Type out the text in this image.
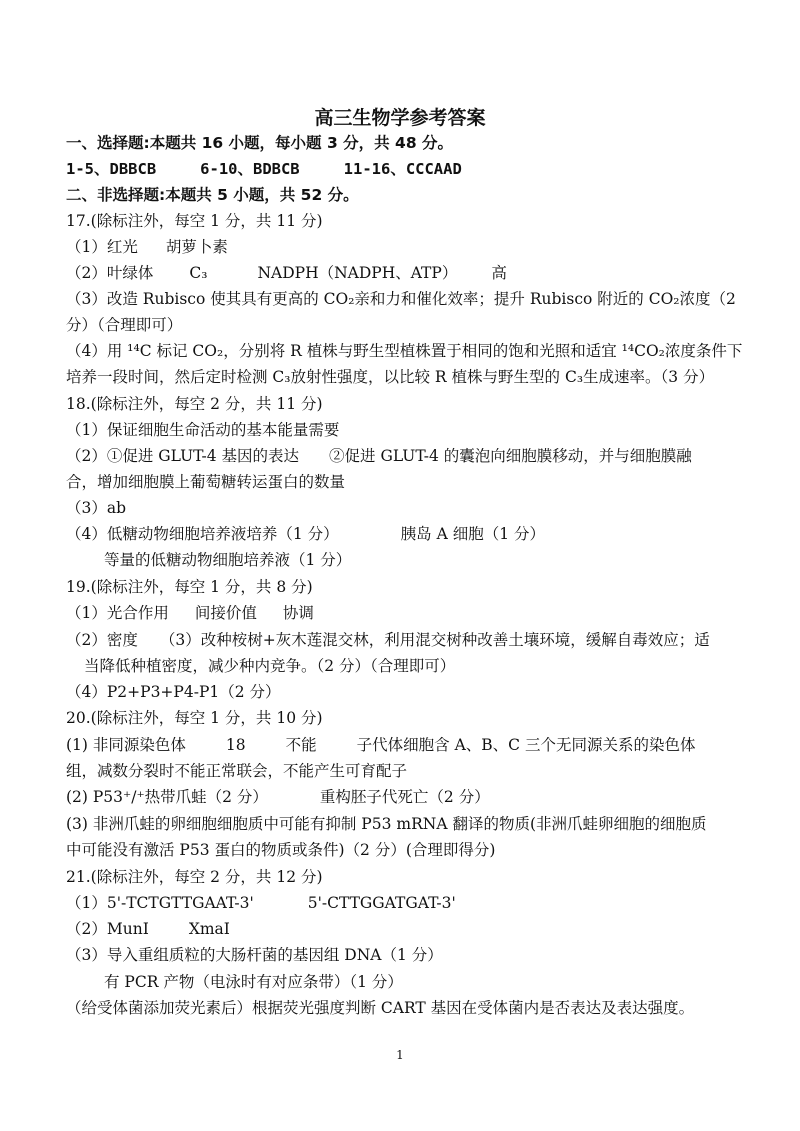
高三生物学参考答案
一、选择题:本题共 16 小题，每小题 3 分，共 48 分。
1-5、DBBCB	6-10、BDBCB	11-16、CCCAAD
二、非选择题:本题共 5 小题，共 52 分。
17.(除标注外，每空 1 分，共 11 分)
（1）红光 胡萝卜素
（2）叶绿体 C₃	NADPH（NADPH、ATP） 高
（3）改造 Rubisco 使其具有更高的 CO₂亲和力和催化效率；提升 Rubisco 附近的 CO₂浓度（2
分）（合理即可）
（4）用 ¹⁴C 标记 CO₂，分别将 R 植株与野生型植株置于相同的饱和光照和适宜 ¹⁴CO₂浓度条件下
培养一段时间，然后定时检测 C₃放射性强度，以比较 R 植株与野生型的 C₃生成速率。（3 分）
18.(除标注外，每空 2 分，共 11 分)
（1）保证细胞生命活动的基本能量需要
（2）①促进 GLUT-4 基因的表达 ②促进 GLUT-4 的囊泡向细胞膜移动，并与细胞膜融
合，增加细胞膜上葡萄糖转运蛋白的数量
（3）ab
（4）低糖动物细胞培养液培养（1 分）	胰岛 A 细胞（1 分）
等量的低糖动物细胞培养液（1 分）
19.(除标注外，每空 1 分，共 8 分)
（1）光合作用 间接价值 协调
（2）密度 （3）改种桉树+灰木莲混交林，利用混交树种改善土壤环境，缓解自毒效应；适
当降低种植密度，减少种内竞争。（2 分）（合理即可）
（4）P2+P3+P4-P1（2 分）
20.(除标注外，每空 1 分，共 10 分)
(1) 非同源染色体	18	不能	子代体细胞含 A、B、C 三个无同源关系的染色体
组，减数分裂时不能正常联会，不能产生可育配子
(2) P53⁺/⁺热带爪蛙（2 分）	重构胚子代死亡（2 分）
(3) 非洲爪蛙的卵细胞细胞质中可能有抑制 P53 mRNA 翻译的物质(非洲爪蛙卵细胞的细胞质
中可能没有激活 P53 蛋白的物质或条件)（2 分）(合理即得分)
21.(除标注外，每空 2 分，共 12 分)
（1）5'-TCTGTTGAAT-3'	5'-CTTGGATGAT-3'
（2）MunI	XmaI
（3）导入重组质粒的大肠杆菌的基因组 DNA（1 分）
有 PCR 产物（电泳时有对应条带）（1 分）
（给受体菌添加荧光素后）根据荧光强度判断 CART 基因在受体菌内是否表达及表达强度。
1
